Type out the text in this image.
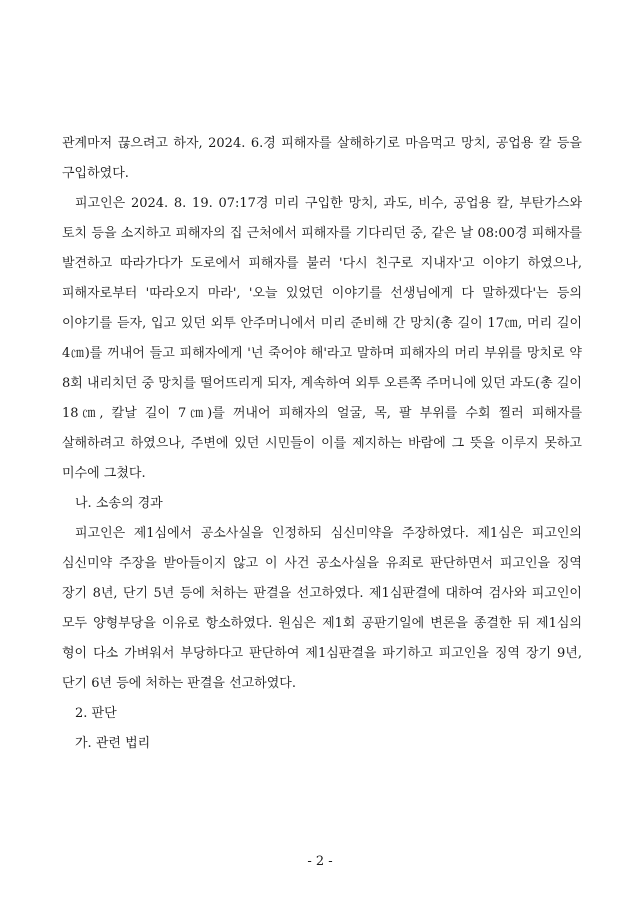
관계마저 끊으려고 하자, 2024. 6.경 피해자를 살해하기로 마음먹고 망치, 공업용 칼 등을 구입하였다.

피고인은 2024. 8. 19. 07:17경 미리 구입한 망치, 과도, 비수, 공업용 칼, 부탄가스와 토치 등을 소지하고 피해자의 집 근처에서 피해자를 기다리던 중, 같은 날 08:00경 피해자를 발견하고 따라가다가 도로에서 피해자를 불러 '다시 친구로 지내자'고 이야기 하였으나, 피해자로부터 '따라오지 마라', '오늘 있었던 이야기를 선생님에게 다 말하겠다'는 등의 이야기를 듣자, 입고 있던 외투 안주머니에서 미리 준비해 간 망치(총 길이 17㎝, 머리 길이 4㎝)를 꺼내어 들고 피해자에게 '넌 죽어야 해'라고 말하며 피해자의 머리 부위를 망치로 약 8회 내리치던 중 망치를 떨어뜨리게 되자, 계속하여 외투 오른쪽 주머니에 있던 과도(총 길이 18㎝, 칼날 길이 7㎝)를 꺼내어 피해자의 얼굴, 목, 팔 부위를 수회 찔러 피해자를 살해하려고 하였으나, 주변에 있던 시민들이 이를 제지하는 바람에 그 뜻을 이루지 못하고 미수에 그쳤다.

나. 소송의 경과

피고인은 제1심에서 공소사실을 인정하되 심신미약을 주장하였다. 제1심은 피고인의 심신미약 주장을 받아들이지 않고 이 사건 공소사실을 유죄로 판단하면서 피고인을 징역 장기 8년, 단기 5년 등에 처하는 판결을 선고하였다. 제1심판결에 대하여 검사와 피고인이 모두 양형부당을 이유로 항소하였다. 원심은 제1회 공판기일에 변론을 종결한 뒤 제1심의 형이 다소 가벼워서 부당하다고 판단하여 제1심판결을 파기하고 피고인을 징역 장기 9년, 단기 6년 등에 처하는 판결을 선고하였다.

2. 판단

가. 관련 법리

- 2 -
